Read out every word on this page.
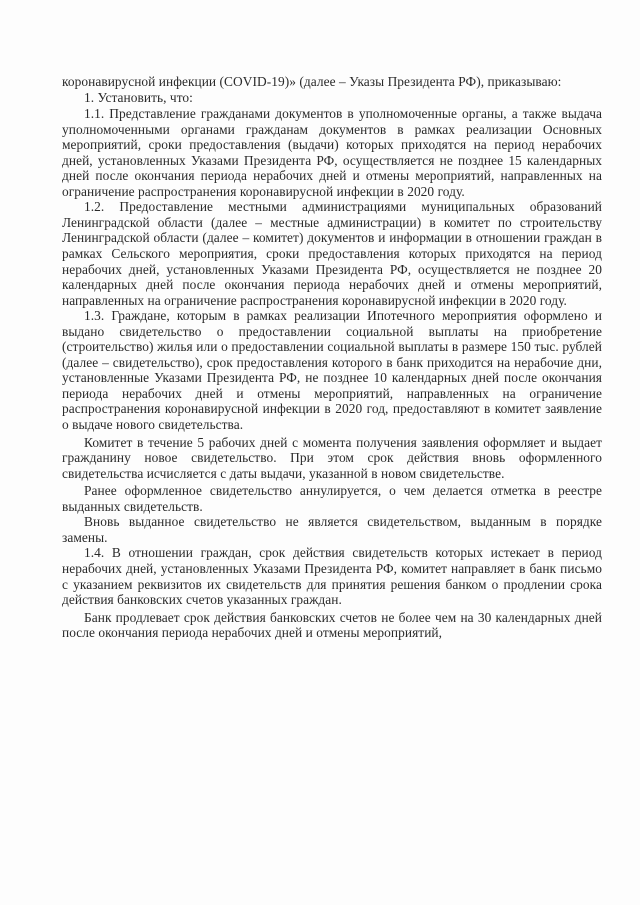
коронавирусной инфекции (COVID-19)» (далее – Указы Президента РФ), приказываю:

1. Установить, что:

1.1. Представление гражданами документов в уполномоченные органы, а также выдача уполномоченными органами гражданам документов в рамках реализации Основных мероприятий, сроки предоставления (выдачи) которых приходятся на период нерабочих дней, установленных Указами Президента РФ, осуществляется не позднее 15 календарных дней после окончания периода нерабочих дней и отмены мероприятий, направленных на ограничение распространения коронавирусной инфекции в 2020 году.

1.2. Предоставление местными администрациями муниципальных образований Ленинградской области (далее – местные администрации) в комитет по строительству Ленинградской области (далее – комитет) документов и информации в отношении граждан в рамках Сельского мероприятия, сроки предоставления которых приходятся на период нерабочих дней, установленных Указами Президента РФ, осуществляется не позднее 20 календарных дней после окончания периода нерабочих дней и отмены мероприятий, направленных на ограничение распространения коронавирусной инфекции в 2020 году.

1.3. Граждане, которым в рамках реализации Ипотечного мероприятия оформлено и выдано свидетельство о предоставлении социальной выплаты на приобретение (строительство) жилья или о предоставлении социальной выплаты в размере 150 тыс. рублей (далее – свидетельство), срок предоставления которого в банк приходится на нерабочие дни, установленные Указами Президента РФ, не позднее 10 календарных дней после окончания периода нерабочих дней и отмены мероприятий, направленных на ограничение распространения коронавирусной инфекции в 2020 год, предоставляют в комитет заявление о выдаче нового свидетельства.

Комитет в течение 5 рабочих дней с момента получения заявления оформляет и выдает гражданину новое свидетельство. При этом срок действия вновь оформленного свидетельства исчисляется с даты выдачи, указанной в новом свидетельстве.

Ранее оформленное свидетельство аннулируется, о чем делается отметка в реестре выданных свидетельств.

Вновь выданное свидетельство не является свидетельством, выданным в порядке замены.

1.4. В отношении граждан, срок действия свидетельств которых истекает в период нерабочих дней, установленных Указами Президента РФ, комитет направляет в банк письмо с указанием реквизитов их свидетельств для принятия решения банком о продлении срока действия банковских счетов указанных граждан.

Банк продлевает срок действия банковских счетов не более чем на 30 календарных дней после окончания периода нерабочих дней и отмены мероприятий,
